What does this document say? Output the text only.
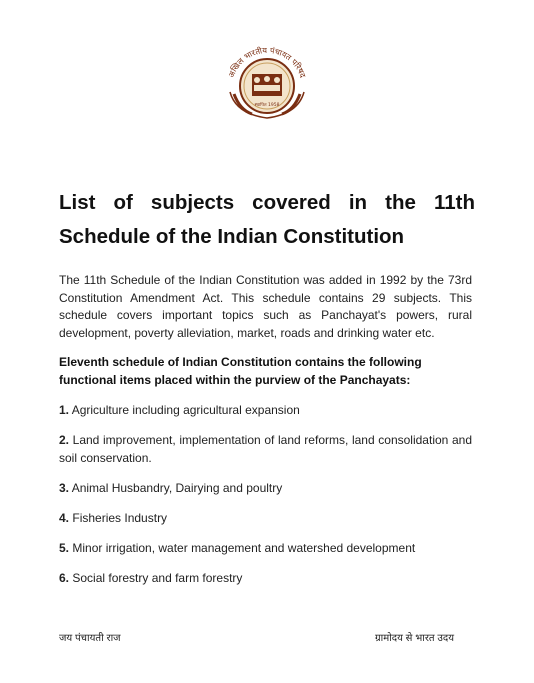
अखिल भारतीय पंचायत परिषद
स्थापित 1958
List of subjects covered in the 11th Schedule of the Indian Constitution

The 11th Schedule of the Indian Constitution was added in 1992 by the 73rd Constitution Amendment Act. This schedule contains 29 subjects. This schedule covers important topics such as Panchayat's powers, rural development, poverty alleviation, market, roads and drinking water etc.

Eleventh schedule of Indian Constitution contains the following functional items placed within the purview of the Panchayats:

1. Agriculture including agricultural expansion
2. Land improvement, implementation of land reforms, land consolidation and soil conservation.
3. Animal Husbandry, Dairying and poultry
4. Fisheries Industry
5. Minor irrigation, water management and watershed development
6. Social forestry and farm forestry
जय पंचायती राज	ग्रामोदय से भारत उदय
